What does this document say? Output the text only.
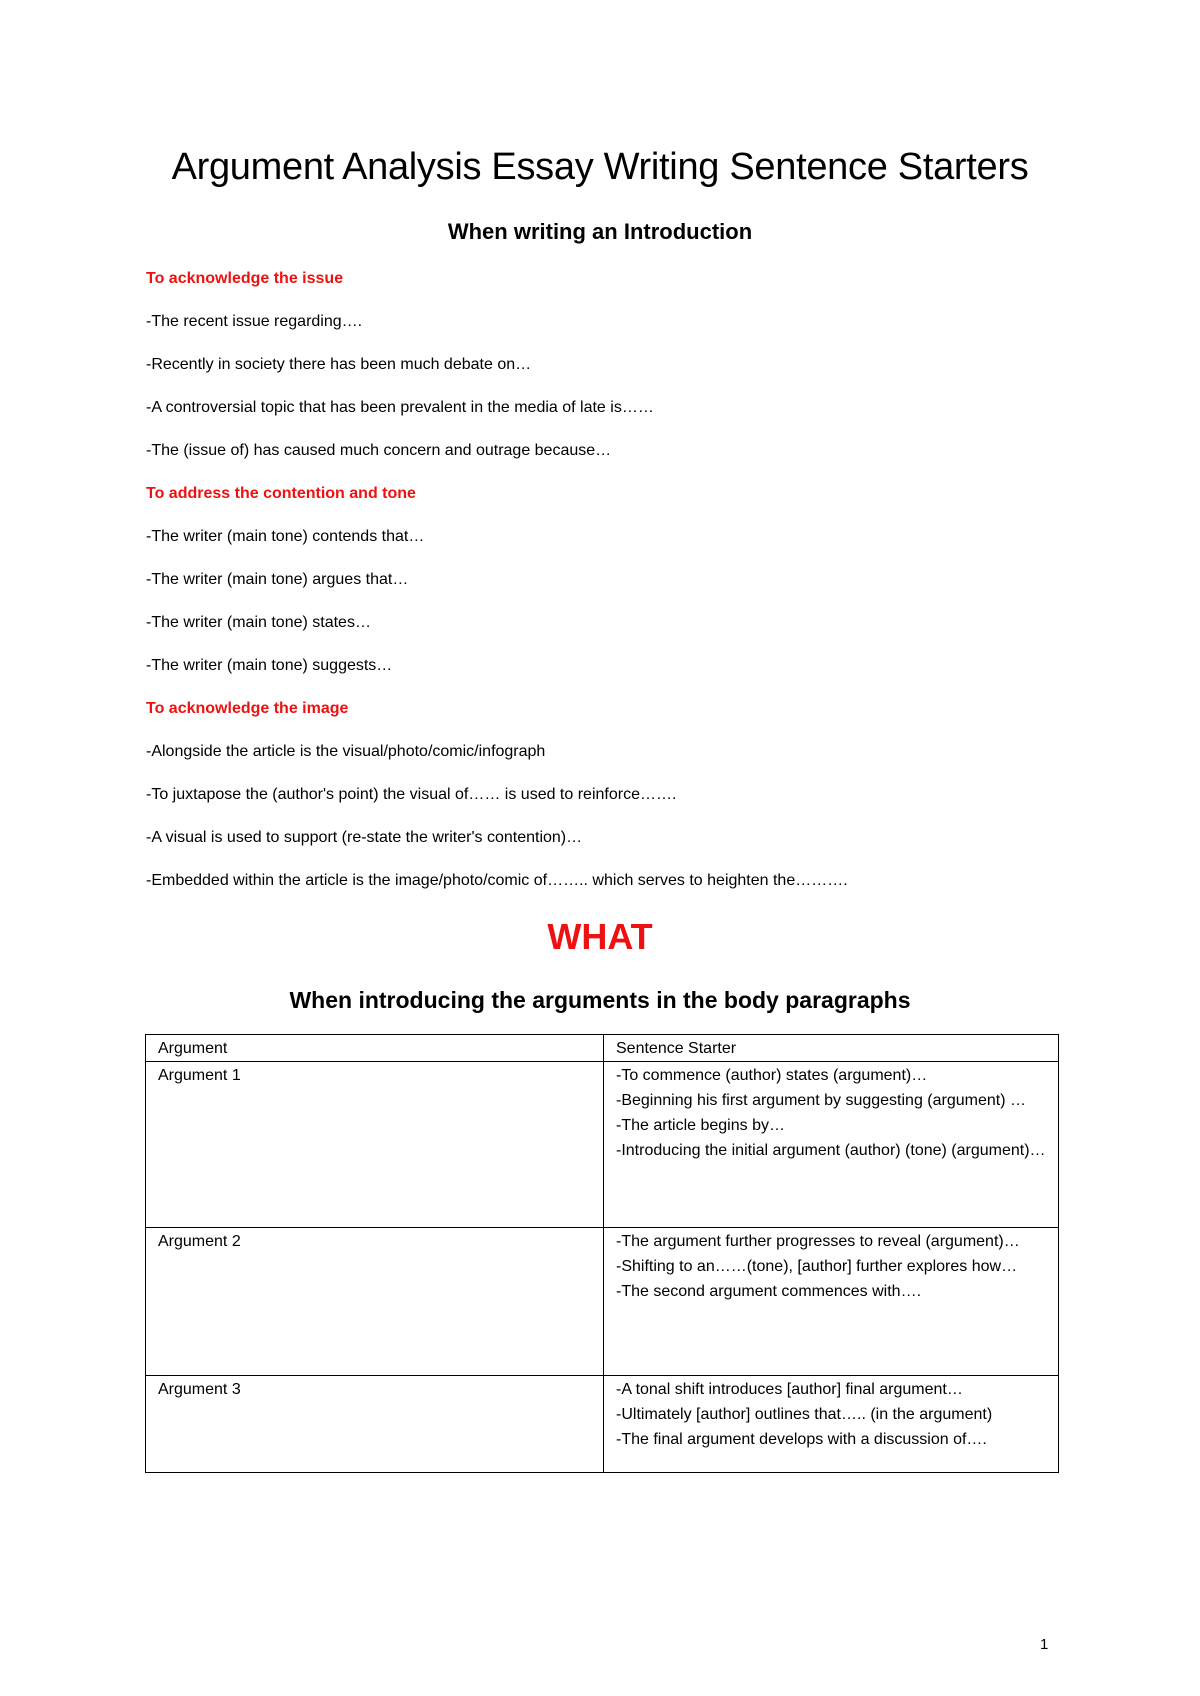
Argument Analysis Essay Writing Sentence Starters
When writing an Introduction
To acknowledge the issue
-The recent issue regarding….
-Recently in society there has been much debate on…
-A controversial topic that has been prevalent in the media of late is……
-The (issue of) has caused much concern and outrage because…
To address the contention and tone
-The writer (main tone) contends that…
-The writer (main tone) argues that…
-The writer (main tone) states…
-The writer (main tone) suggests…
To acknowledge the image
-Alongside the article is the visual/photo/comic/infograph
-To juxtapose the (author's point) the visual of…… is used to reinforce…….
-A visual is used to support (re-state the writer's contention)…
-Embedded within the article is the image/photo/comic of…….. which serves to heighten the……….
WHAT
When introducing the arguments in the body paragraphs
Argument	Sentence Starter
Argument 1	-To commence (author) states (argument)…
-Beginning his first argument by suggesting (argument) …
-The article begins by…
-Introducing the initial argument (author) (tone) (argument)…

Argument 2	-The argument further progresses to reveal (argument)…
-Shifting to an……(tone), [author] further explores how…
-The second argument commences with….

Argument 3	-A tonal shift introduces [author] final argument…
-Ultimately [author] outlines that….. (in the argument)
-The final argument develops with a discussion of….
1
